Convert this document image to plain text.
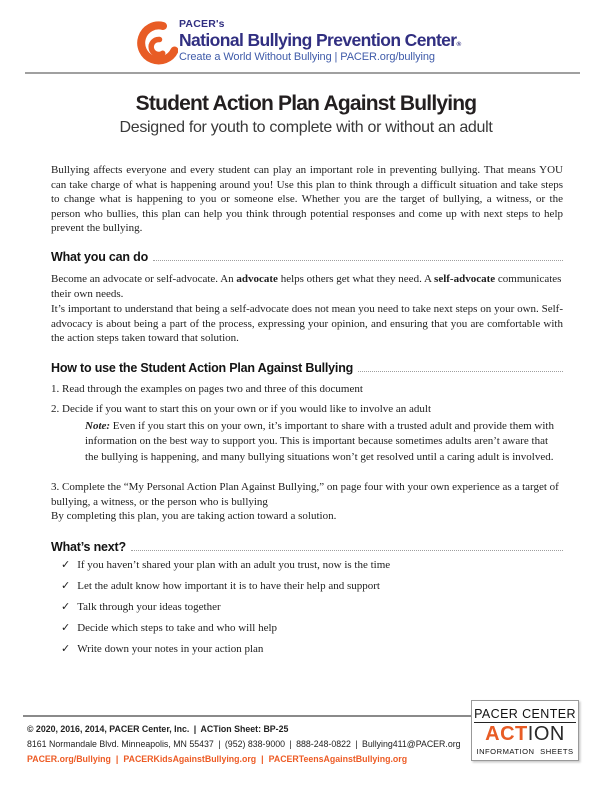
PACER's
National Bullying Prevention Center®
Create a World Without Bullying | PACER.org/bullying
Student Action Plan Against Bullying
Designed for youth to complete with or without an adult

Bullying affects everyone and every student can play an important role in preventing bullying. That means YOU can take charge of what is happening around you! Use this plan to think through a difficult situation and take steps to change what is happening to you or someone else. Whether you are the target of bullying, a witness, or the person who bullies, this plan can help you think through potential responses and come up with next steps to help prevent the bullying.

What you can do

Become an advocate or self-advocate. An advocate helps others get what they need. A self-advocate communicates their own needs.

It’s important to understand that being a self-advocate does not mean you need to take next steps on your own. Self-advocacy is about being a part of the process, expressing your opinion, and ensuring that you are comfortable with the action steps taken toward that solution.

How to use the Student Action Plan Against Bullying

1. Read through the examples on pages two and three of this document

2. Decide if you want to start this on your own or if you would like to involve an adult

Note: Even if you start this on your own, it’s important to share with a trusted adult and provide them with information on the best way to support you. This is important because sometimes adults aren’t aware that the bullying is happening, and many bullying situations won’t get resolved until a caring adult is involved.

3. Complete the “My Personal Action Plan Against Bullying,” on page four with your own experience as a target of bullying, a witness, or the person who is bullying

By completing this plan, you are taking action toward a solution.

What’s next?
✓ If you haven’t shared your plan with an adult you trust, now is the time
✓ Let the adult know how important it is to have their help and support
✓ Talk through your ideas together
✓ Decide which steps to take and who will help
✓ Write down your notes in your action plan
© 2020, 2016, 2014, PACER Center, Inc. | ACTion Sheet: BP-25
8161 Normandale Blvd. Minneapolis, MN 55437 | (952) 838-9000 | 888-248-0822 | Bullying411@PACER.org
PACER.org/Bullying | PACERKidsAgainstBullying.org | PACERTeensAgainstBullying.org
PACER CENTER
ACTION
INFORMATION SHEETS
